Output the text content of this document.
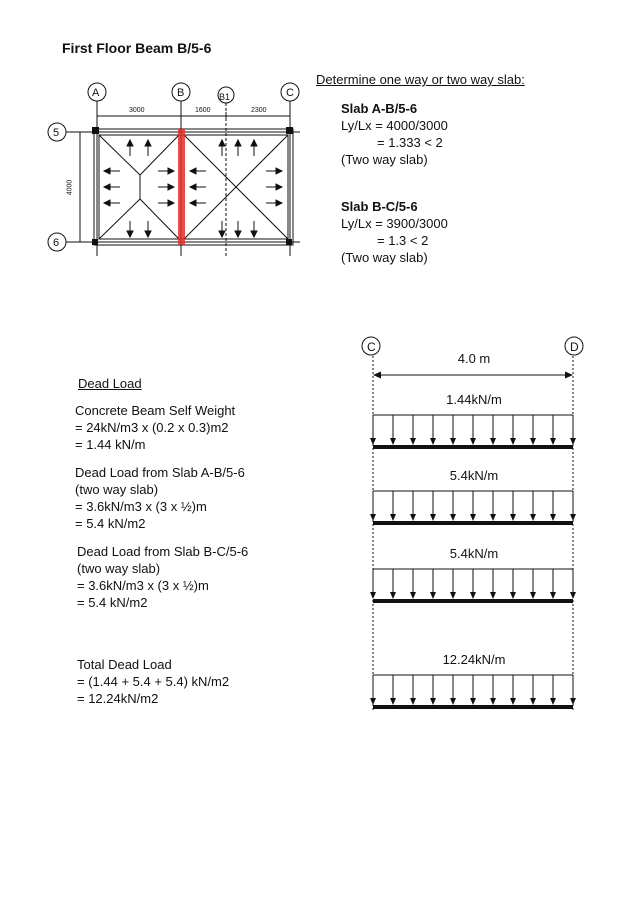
First Floor Beam B/5-6
A	B	B1	C
5
6
3000	1600	2300
4000
Determine one way or two way slab:
Slab A-B/5-6
Ly/Lx = 4000/3000
= 1.333 < 2
(Two way slab)
Slab B-C/5-6
Ly/Lx = 3900/3000
= 1.3 < 2
(Two way slab)
C	D
4.0 m
1.44kN/m
5.4kN/m
5.4kN/m
12.24kN/m
Dead Load
Concrete Beam Self Weight
= 24kN/m3 x (0.2 x 0.3)m2
= 1.44 kN/m
Dead Load from Slab A-B/5-6
(two way slab)
= 3.6kN/m3 x (3 x ½)m
= 5.4 kN/m2
Dead Load from Slab B-C/5-6
(two way slab)
= 3.6kN/m3 x (3 x ½)m
= 5.4 kN/m2
Total Dead Load
= (1.44 + 5.4 + 5.4) kN/m2
= 12.24kN/m2
